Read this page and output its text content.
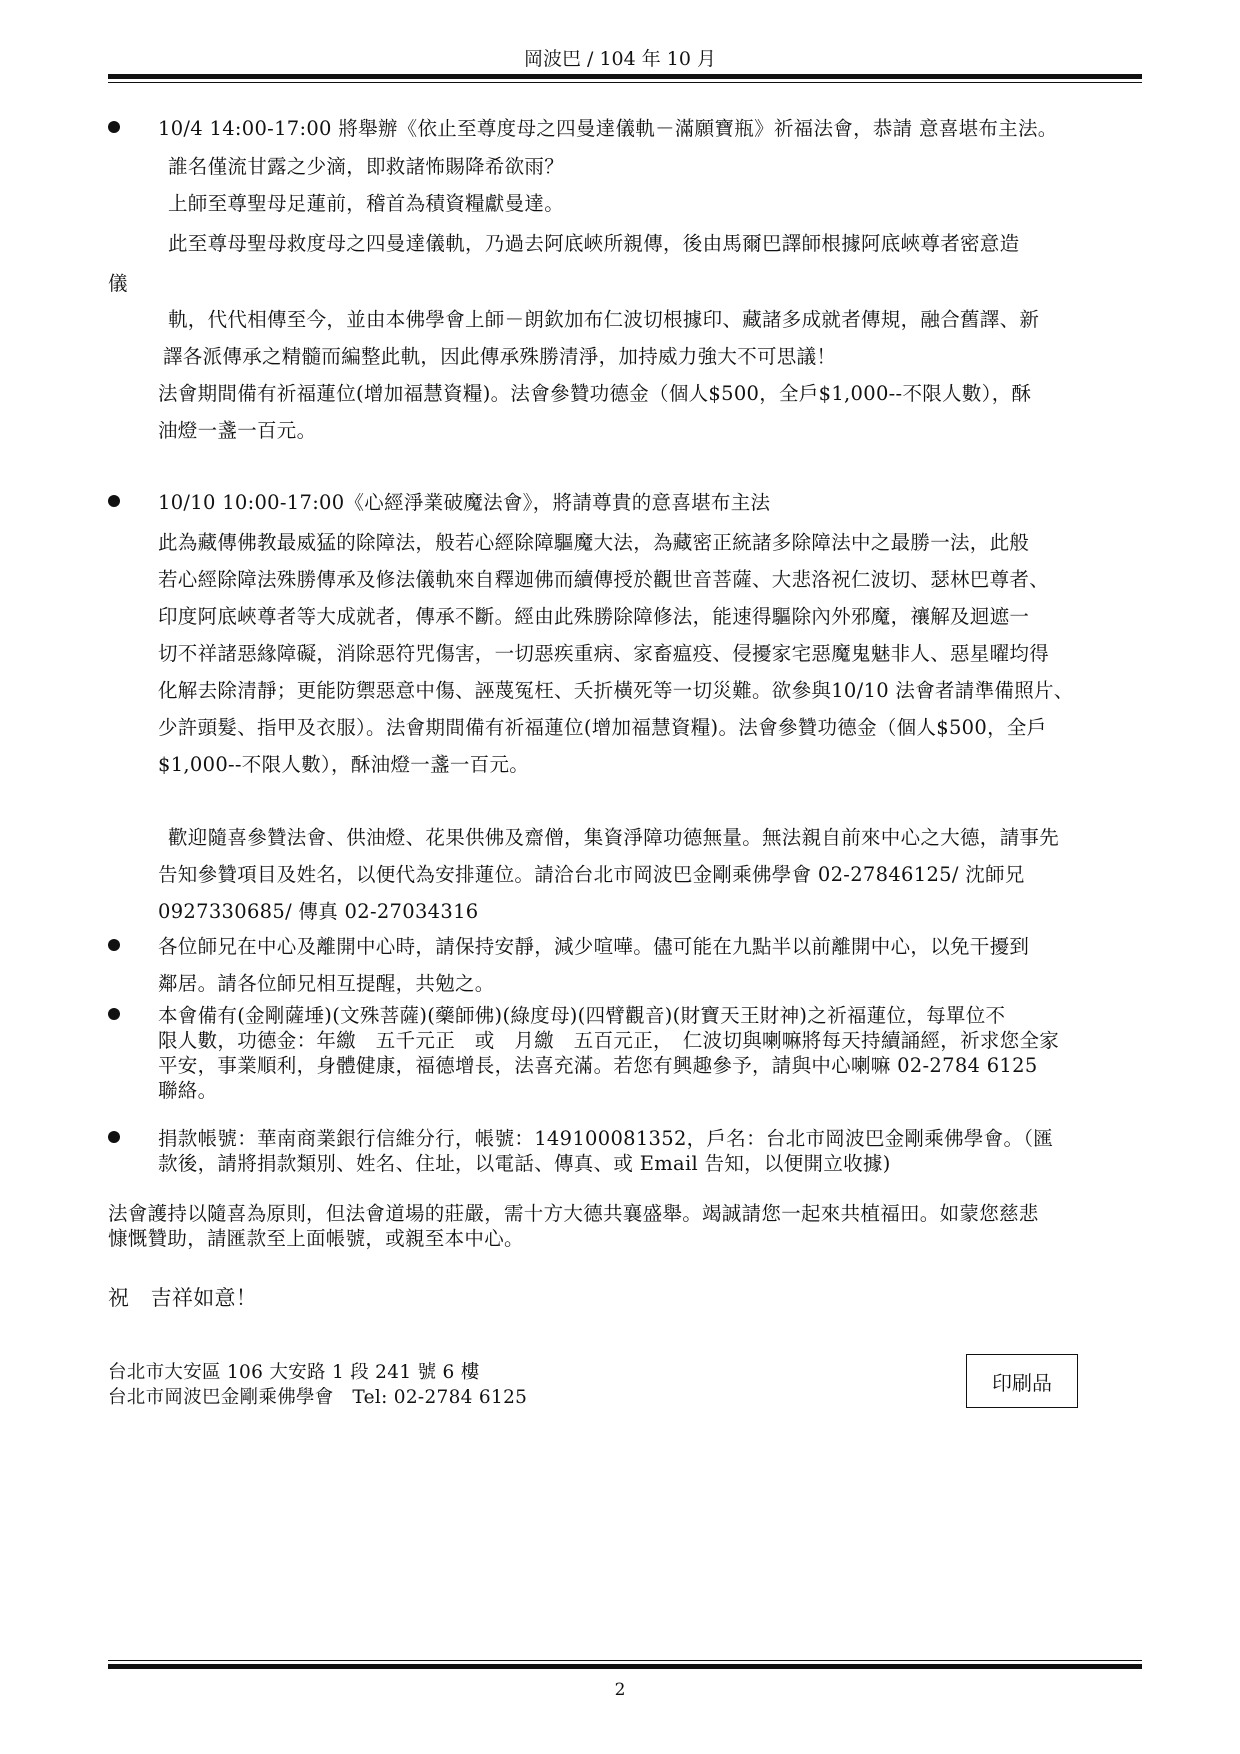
岡波巴 / 104 年 10 月
10/4 14:00-17:00 將舉辦《依止至尊度母之四曼達儀軌－滿願寶瓶》祈福法會，恭請 意喜堪布主法。
誰名僅流甘露之少滴，即救諸怖賜降希欲雨？
上師至尊聖母足蓮前，稽首為積資糧獻曼達。
此至尊母聖母救度母之四曼達儀軌，乃過去阿底峽所親傳，後由馬爾巴譯師根據阿底峽尊者密意造
儀
軌，代代相傳至今，並由本佛學會上師－朗欽加布仁波切根據印、藏諸多成就者傳規，融合舊譯、新
譯各派傳承之精髓而編整此軌，因此傳承殊勝清淨，加持威力強大不可思議！
法會期間備有祈福蓮位(增加福慧資糧)。法會參贊功德金（個人$500，全戶$1,000--不限人數），酥
油燈一盞一百元。
10/10 10:00-17:00《心經淨業破魔法會》，將請尊貴的意喜堪布主法
此為藏傳佛教最威猛的除障法，般若心經除障驅魔大法，為藏密正統諸多除障法中之最勝一法，此般
若心經除障法殊勝傳承及修法儀軌來自釋迦佛而續傳授於觀世音菩薩、大悲洛祝仁波切、瑟林巴尊者、
印度阿底峽尊者等大成就者，傳承不斷。經由此殊勝除障修法，能速得驅除內外邪魔，禳解及迴遮一
切不祥諸惡緣障礙，消除惡符咒傷害，一切惡疾重病、家畜瘟疫、侵擾家宅惡魔鬼魅非人、惡星曜均得
化解去除清靜；更能防禦惡意中傷、誣蔑冤枉、夭折橫死等一切災難。欲參與10/10 法會者請準備照片、
少許頭髮、指甲及衣服）。法會期間備有祈福蓮位(增加福慧資糧)。法會參贊功德金（個人$500，全戶
$1,000--不限人數），酥油燈一盞一百元。
歡迎隨喜參贊法會、供油燈、花果供佛及齋僧，集資淨障功德無量。無法親自前來中心之大德，請事先
告知參贊項目及姓名，以便代為安排蓮位。請洽台北市岡波巴金剛乘佛學會 02-27846125/ 沈師兄
0927330685/ 傳真 02-27034316
各位師兄在中心及離開中心時，請保持安靜，減少喧嘩。儘可能在九點半以前離開中心，以免干擾到
鄰居。請各位師兄相互提醒，共勉之。
本會備有(金剛薩埵)(文殊菩薩)(藥師佛)(綠度母)(四臂觀音)(財寶天王財神)之祈福蓮位，每單位不
限人數，功德金：年繳　五千元正　或　月繳　五百元正，　仁波切與喇嘛將每天持續誦經，祈求您全家
平安，事業順利，身體健康，福德增長，法喜充滿。若您有興趣參予，請與中心喇嘛 02-2784 6125
聯絡。
捐款帳號：華南商業銀行信維分行，帳號：149100081352，戶名：台北市岡波巴金剛乘佛學會。（匯
款後，請將捐款類別、姓名、住址，以電話、傳真、或 Email 告知，以便開立收據)
法會護持以隨喜為原則，但法會道場的莊嚴，需十方大德共襄盛舉。竭誠請您一起來共植福田。如蒙您慈悲
慷慨贊助，請匯款至上面帳號，或親至本中心。
祝　吉祥如意！
台北市大安區 106 大安路 1 段 241 號 6 樓
台北市岡波巴金剛乘佛學會　Tel: 02-2784 6125
印刷品
2
